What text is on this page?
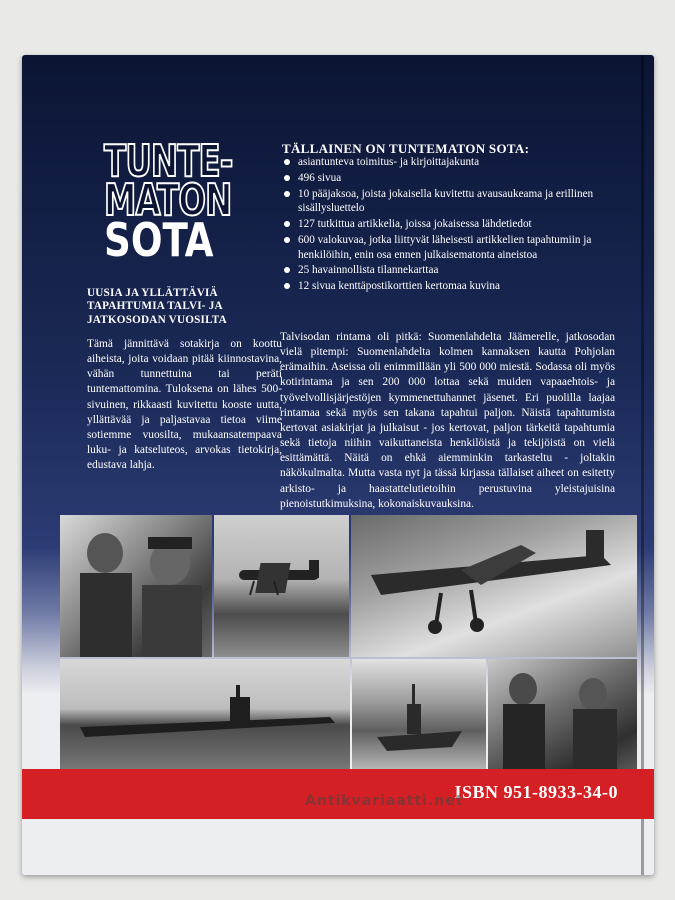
TUNTE-
MATON
SOTA
UUSIA JA YLLÄTTÄVIÄ TAPAHTUMIA TALVI- JA JATKOSODAN VUOSILTA
Tämä jännittävä sotakirja on koottu aiheista, joita voidaan pitää kiinnostavina, vähän tunnettuina tai peräti tuntemattomina. Tuloksena on lähes 500-sivuinen, rikkaasti kuvitettu kooste uutta, yllättävää ja paljastavaa tietoa viime sotiemme vuosilta, mukaansatempaava luku- ja katseluteos, arvokas tietokirja, edustava lahja.
TÄLLAINEN ON TUNTEMATON SOTA:
asiantunteva toimitus- ja kirjoittajakunta
496 sivua
10 pääjaksoa, joista jokaisella kuvitettu avausaukeama ja erillinen sisällysluettelo
127 tutkittua artikkelia, joissa jokaisessa lähdetiedot
600 valokuvaa, jotka liittyvät läheisesti artikkelien tapahtumiin ja henkilöihin, enin osa ennen julkaisematonta aineistoa
25 havainnollista tilannekarttaa
12 sivua kenttäpostikorttien kertomaa kuvina
Talvisodan rintama oli pitkä: Suomenlahdelta Jäämerelle, jatkosodan vielä pitempi: Suomenlahdelta kolmen kannaksen kautta Pohjolan erämaihin. Aseissa oli enimmillään yli 500 000 miestä. Sodassa oli myös kotirintama ja sen 200 000 lottaa sekä muiden vapaaehtois- ja työvelvollisjärjestöjen kymmenettuhannet jäsenet. Eri puolilla laajaa rintamaa sekä myös sen takana tapahtui paljon. Näistä tapahtumista kertovat asiakirjat ja julkaisut - jos kertovat, paljon tärkeitä tapahtumia sekä tietoja niihin vaikuttaneista henkilöistä ja tekijöistä on vielä esittämättä. Näitä on ehkä aiemminkin tarkasteltu - joltakin näkökulmalta. Mutta vasta nyt ja tässä kirjassa tällaiset aiheet on esitetty arkisto- ja haastattelutietoihin perustuvina yleistajuisina pienoistutkimuksina, kokonaiskuvauksina.
ISBN 951-8933-34-0
Antikvariaatti.net
